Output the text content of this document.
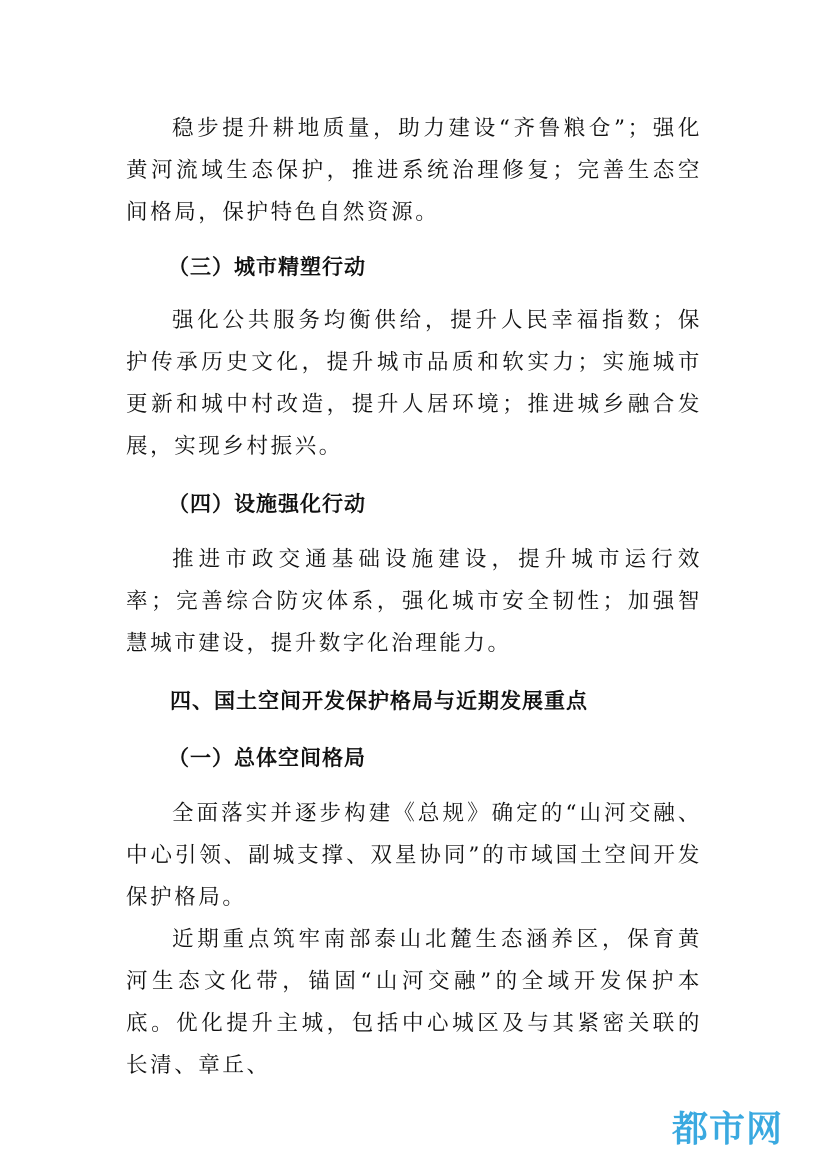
稳步提升耕地质量，助力建设“齐鲁粮仓”；强化黄河流域生态保护，推进系统治理修复；完善生态空间格局，保护特色自然资源。

（三）城市精塑行动

强化公共服务均衡供给，提升人民幸福指数；保护传承历史文化，提升城市品质和软实力；实施城市更新和城中村改造，提升人居环境；推进城乡融合发展，实现乡村振兴。

（四）设施强化行动

推进市政交通基础设施建设，提升城市运行效率；完善综合防灾体系，强化城市安全韧性；加强智慧城市建设，提升数字化治理能力。

四、国土空间开发保护格局与近期发展重点
（一）总体空间格局

全面落实并逐步构建《总规》确定的“山河交融、中心引领、副城支撑、双星协同”的市域国土空间开发保护格局。

近期重点筑牢南部泰山北麓生态涵养区，保育黄河生态文化带，锚固“山河交融”的全域开发保护本底。优化提升主城，包括中心城区及与其紧密关联的长清、章丘、

都市网
